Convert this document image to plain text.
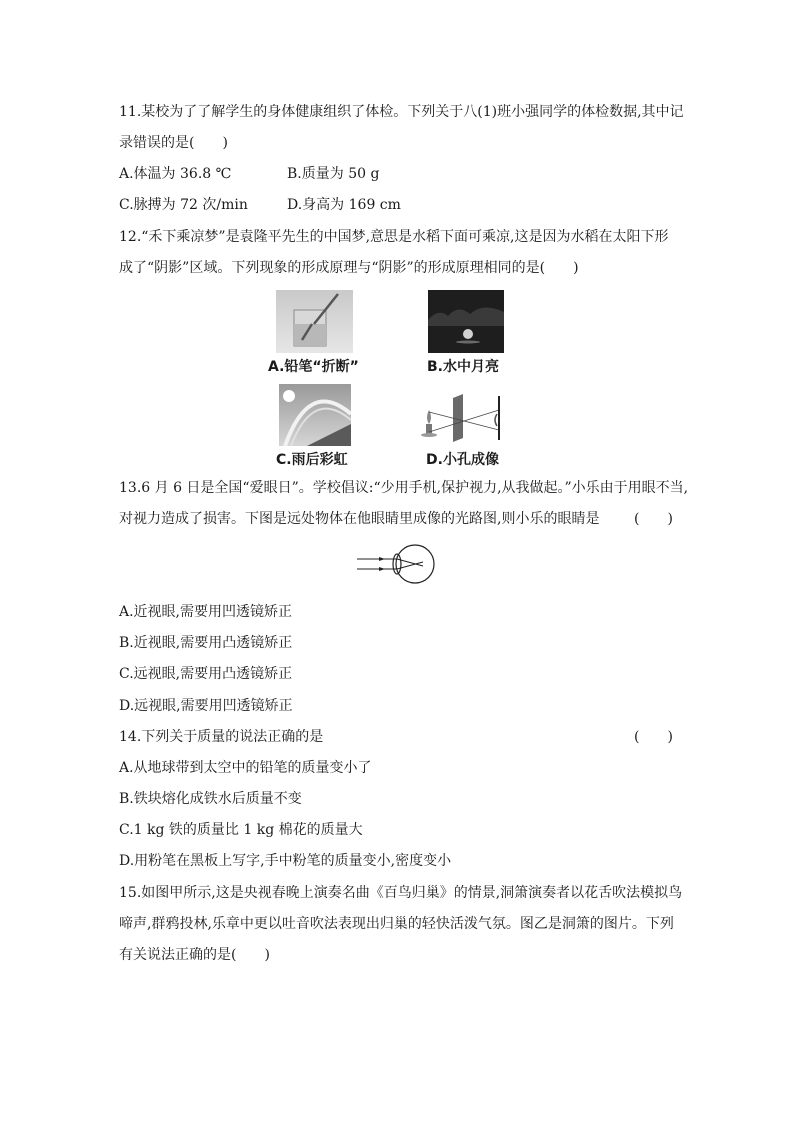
11.某校为了了解学生的身体健康组织了体检。下列关于八(1)班小强同学的体检数据,其中记
录错误的是(　　)
A.体温为 36.8 ℃	B.质量为 50 g
C.脉搏为 72 次/min	D.身高为 169 cm
12.“禾下乘凉梦”是袁隆平先生的中国梦,意思是水稻下面可乘凉,这是因为水稻在太阳下形
成了“阴影”区域。下列现象的形成原理与“阴影”的形成原理相同的是(　　)
A.铅笔“折断”	B.水中月亮
C.雨后彩虹	D.小孔成像
13.6 月 6 日是全国“爱眼日”。学校倡议:“少用手机,保护视力,从我做起。”小乐由于用眼不当,
对视力造成了损害。下图是远处物体在他眼睛里成像的光路图,则小乐的眼睛是 (　　)
A.近视眼,需要用凹透镜矫正
B.近视眼,需要用凸透镜矫正
C.远视眼,需要用凸透镜矫正
D.远视眼,需要用凹透镜矫正
14.下列关于质量的说法正确的是	(　　)
A.从地球带到太空中的铅笔的质量变小了
B.铁块熔化成铁水后质量不变
C.1 kg 铁的质量比 1 kg 棉花的质量大
D.用粉笔在黑板上写字,手中粉笔的质量变小,密度变小
15.如图甲所示,这是央视春晚上演奏名曲《百鸟归巢》的情景,洞箫演奏者以花舌吹法模拟鸟
啼声,群鸦投林,乐章中更以吐音吹法表现出归巢的轻快活泼气氛。图乙是洞箫的图片。下列
有关说法正确的是(　　)
